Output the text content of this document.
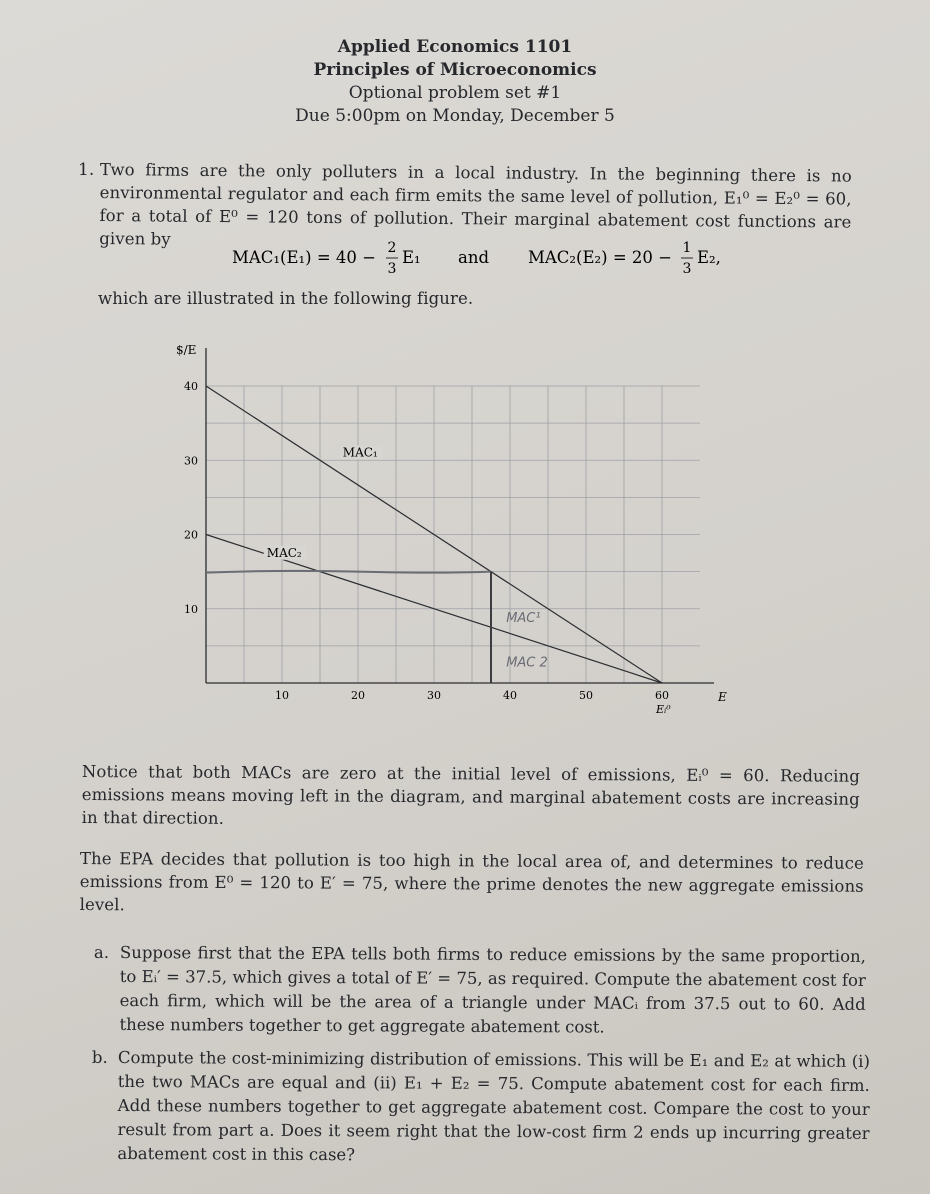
Applied Economics 1101
Principles of Microeconomics
Optional problem set #1
Due 5:00pm on Monday, December 5
1. Two firms are the only polluters in a local industry. In the beginning there is no environmental regulator and each firm emits the same level of pollution, E₁⁰ = E₂⁰ = 60, for a total of E⁰ = 120 tons of pollution. Their marginal abatement cost functions are given by
MAC₁(E₁) = 40 − 2
3
E₁ and MAC₂(E₂) = 20 − 1
3
E₂,
which are illustrated in the following figure.
$/E
E
Eᵢ⁰
10	20	30	40	50	60
10
20
30
40
MAC₁
MAC₂
MAC¹
MAC 2
Notice that both MACs are zero at the initial level of emissions, Eᵢ⁰ = 60. Reducing emissions means moving left in the diagram, and marginal abatement costs are increasing in that direction.
The EPA decides that pollution is too high in the local area of, and determines to reduce emissions from E⁰ = 120 to E′ = 75, where the prime denotes the new aggregate emissions level.
a. Suppose first that the EPA tells both firms to reduce emissions by the same proportion, to Eᵢ′ = 37.5, which gives a total of E′ = 75, as required. Compute the abatement cost for each firm, which will be the area of a triangle under MACᵢ from 37.5 out to 60. Add these numbers together to get aggregate abatement cost.
b. Compute the cost-minimizing distribution of emissions. This will be E₁ and E₂ at which (i) the two MACs are equal and (ii) E₁ + E₂ = 75. Compute abatement cost for each firm. Add these numbers together to get aggregate abatement cost. Compare the cost to your result from part a. Does it seem right that the low-cost firm 2 ends up incurring greater abatement cost in this case?
